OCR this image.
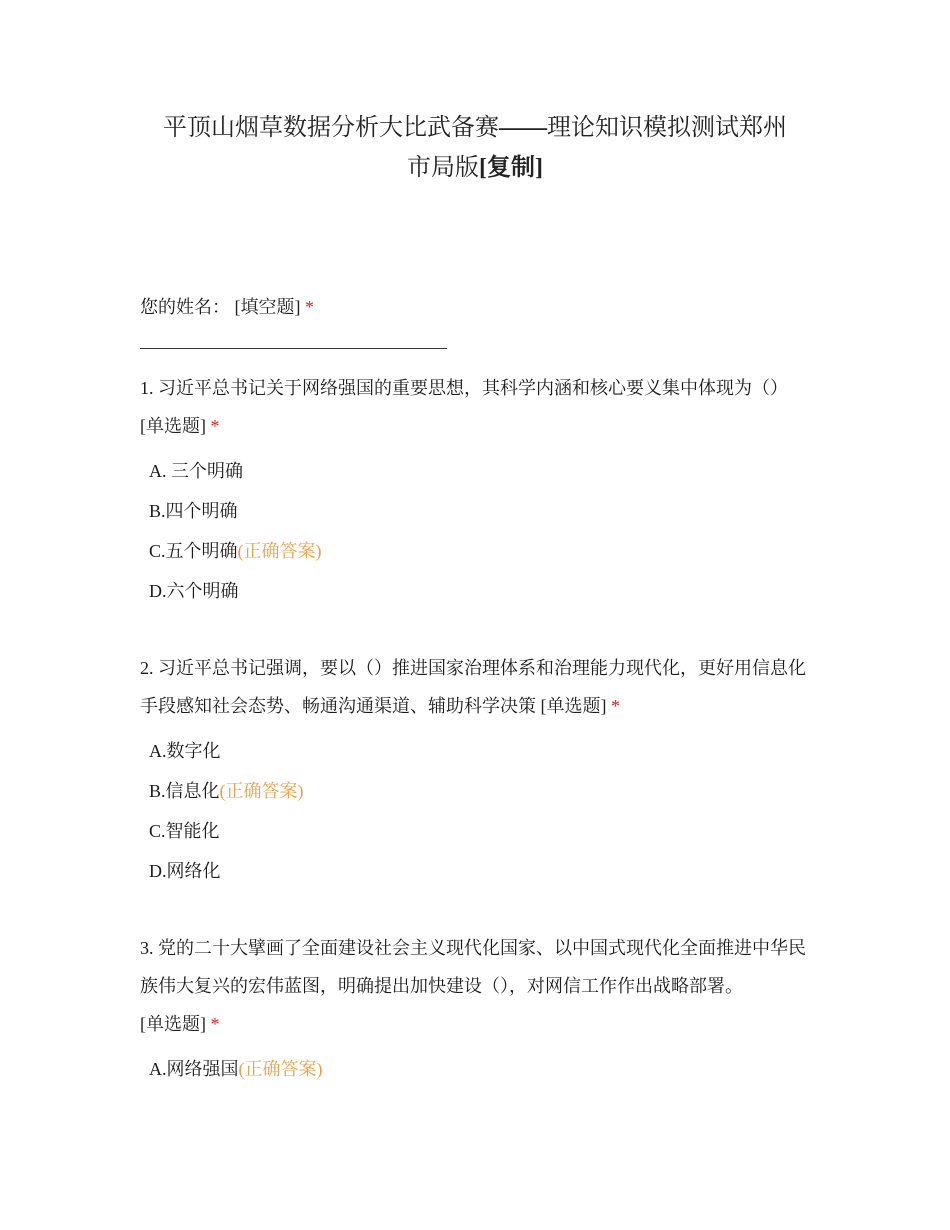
平顶山烟草数据分析大比武备赛——理论知识模拟测试郑州
市局版[复制]
您的姓名： [填空题] *
1. 习近平总书记关于网络强国的重要思想，其科学内涵和核心要义集中体现为（）
[单选题] *
A. 三个明确
B.四个明确
C.五个明确(正确答案)
D.六个明确
2. 习近平总书记强调，要以（）推进国家治理体系和治理能力现代化，更好用信息化手段感知社会态势、畅通沟通渠道、辅助科学决策 [单选题] *
A.数字化
B.信息化(正确答案)
C.智能化
D.网络化
3. 党的二十大擘画了全面建设社会主义现代化国家、以中国式现代化全面推进中华民族伟大复兴的宏伟蓝图，明确提出加快建设（），对网信工作作出战略部署。
[单选题] *
A.网络强国(正确答案)
